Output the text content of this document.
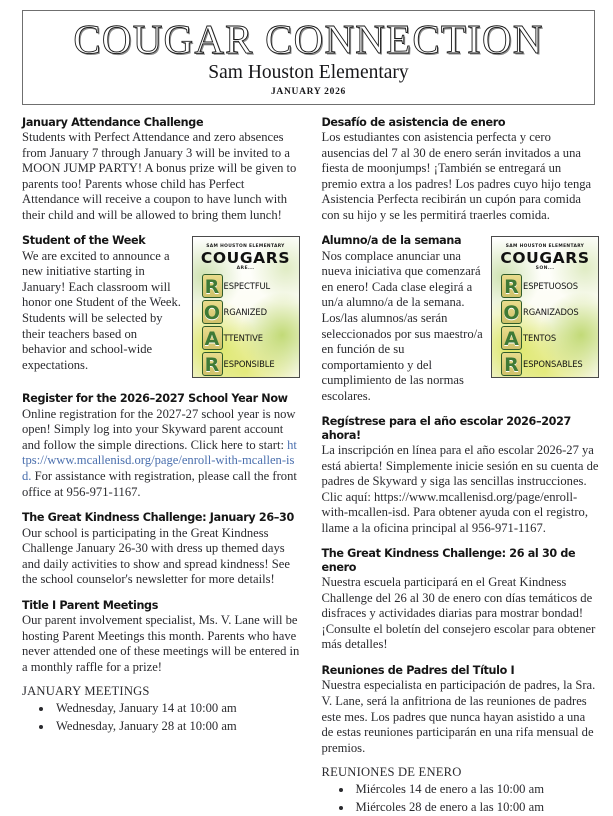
COUGAR CONNECTION
Sam Houston Elementary
JANUARY 2026
January Attendance Challenge

Students with Perfect Attendance and zero absences from January 7 through January 3 will be invited to a MOON JUMP PARTY! A bonus prize will be given to parents too! Parents whose child has Perfect Attendance will receive a coupon to have lunch with their child and will be allowed to bring them lunch!

SAM HOUSTON ELEMENTARY
COUGARS
ARE...
R ESPECTFUL
O RGANIZED
A TTENTIVE
R ESPONSIBLE
Student of the Week

We are excited to announce a new initiative starting in January! Each classroom will honor one Student of the Week. Students will be selected by their teachers based on behavior and school-wide expectations.

Register for the 2026–2027 School Year Now

Online registration for the 2027-27 school year is now open! Simply log into your Skyward parent account and follow the simple directions. Click here to start: https://www.mcallenisd.org/page/enroll-with-mcallen-isd. For assistance with registration, please call the front office at 956-971-1167.

The Great Kindness Challenge: January 26–30

Our school is participating in the Great Kindness Challenge January 26-30 with dress up themed days and daily activities to show and spread kindness! See the school counselor's newsletter for more details!

Title I Parent Meetings

Our parent involvement specialist, Ms. V. Lane will be hosting Parent Meetings this month. Parents who have never attended one of these meetings will be entered in a monthly raffle for a prize!

JANUARY MEETINGS
• Wednesday, January 14 at 10:00 am
• Wednesday, January 28 at 10:00 am
Desafío de asistencia de enero

Los estudiantes con asistencia perfecta y cero ausencias del 7 al 30 de enero serán invitados a una fiesta de moonjumps! ¡También se entregará un premio extra a los padres! Los padres cuyo hijo tenga Asistencia Perfecta recibirán un cupón para comida con su hijo y se les permitirá traerles comida.

SAM HOUSTON ELEMENTARY
COUGARS
SON...
R ESPETUOSOS
O RGANIZADOS
A TENTOS
R ESPONSABLES
Alumno/a de la semana

Nos complace anunciar una nueva iniciativa que comenzará en enero! Cada clase elegirá a un/a alumno/a de la semana. Los/las alumnos/as serán seleccionados por sus maestro/a en función de su comportamiento y del cumplimiento de las normas escolares.

Regístrese para el año escolar 2026–2027 ahora!

La inscripción en línea para el año escolar 2026-27 ya está abierta! Simplemente inicie sesión en su cuenta de padres de Skyward y siga las sencillas instrucciones. Clic aquí: https://www.mcallenisd.org/page/enroll-with-mcallen-isd. Para obtener ayuda con el registro, llame a la oficina principal al 956-971-1167.

The Great Kindness Challenge: 26 al 30 de enero

Nuestra escuela participará en el Great Kindness Challenge del 26 al 30 de enero con días temáticos de disfraces y actividades diarias para mostrar bondad! ¡Consulte el boletín del consejero escolar para obtener más detalles!

Reuniones de Padres del Título I

Nuestra especialista en participación de padres, la Sra. V. Lane, será la anfitriona de las reuniones de padres este mes. Los padres que nunca hayan asistido a una de estas reuniones participarán en una rifa mensual de premios.

REUNIONES DE ENERO
• Miércoles 14 de enero a las 10:00 am
• Miércoles 28 de enero a las 10:00 am
